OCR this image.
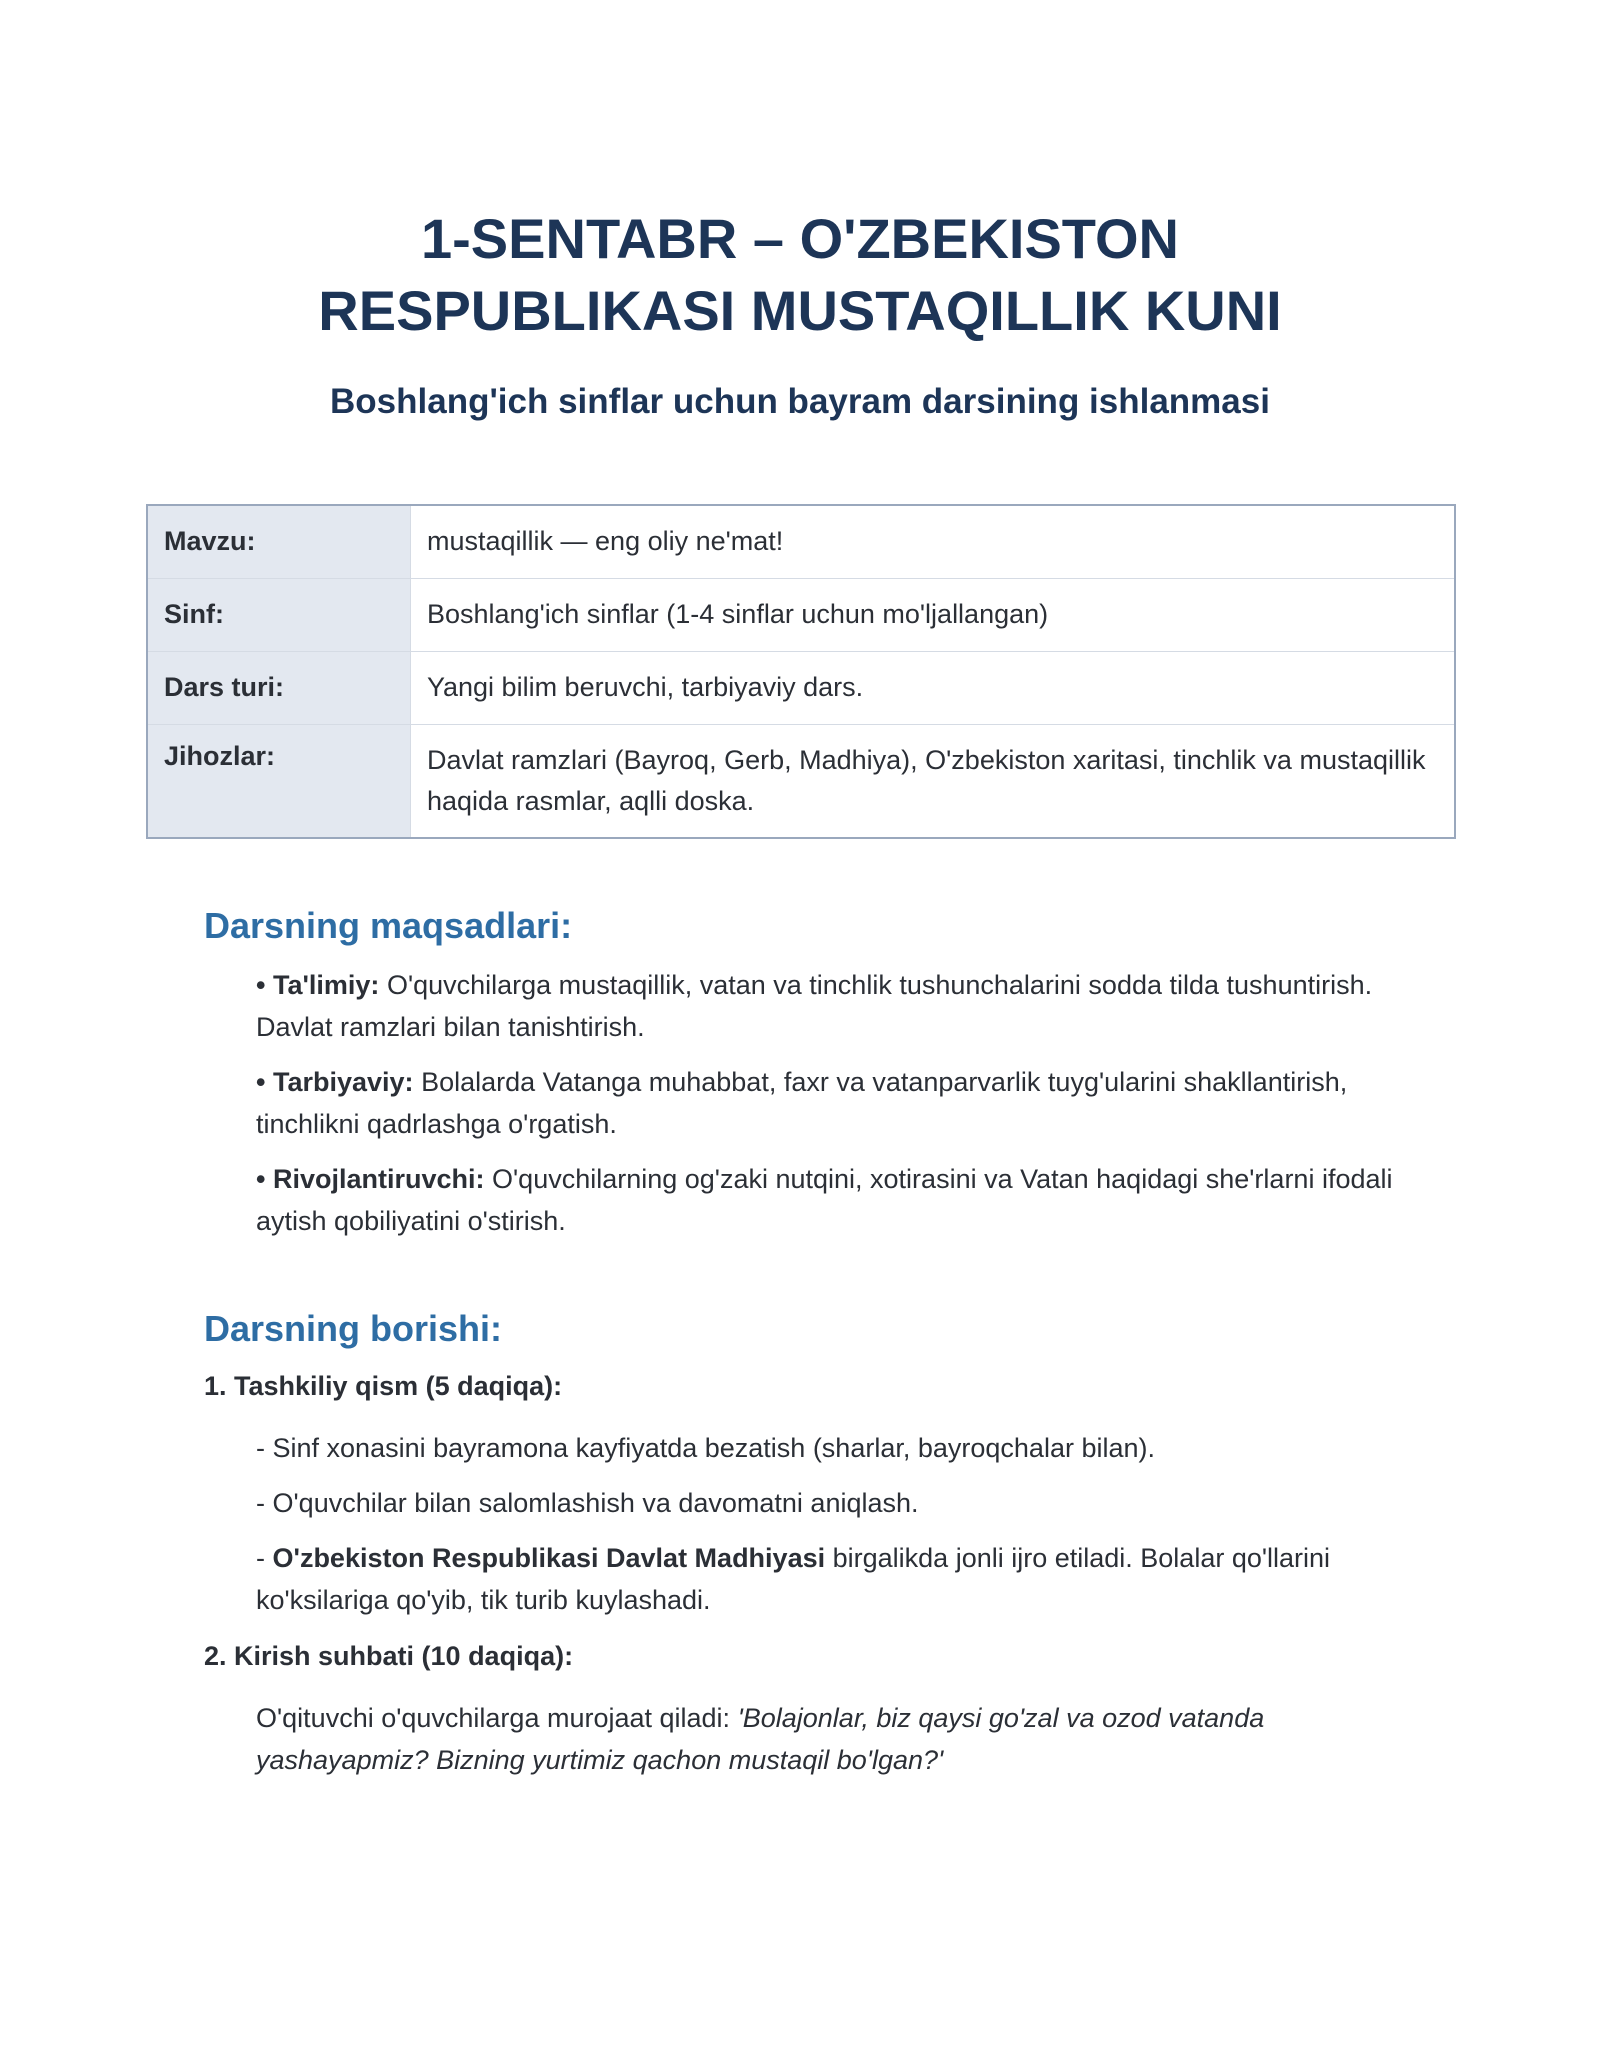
1-SENTABR – O'ZBEKISTON
RESPUBLIKASI MUSTAQILLIK KUNI
Boshlang'ich sinflar uchun bayram darsining ishlanmasi
Mavzu:	mustaqillik — eng oliy ne'mat!
Sinf:	Boshlang'ich sinflar (1-4 sinflar uchun mo'ljallangan)
Dars turi:	Yangi bilim beruvchi, tarbiyaviy dars.
Jihozlar:	Davlat ramzlari (Bayroq, Gerb, Madhiya), O'zbekiston xaritasi, tinchlik va mustaqillik haqida rasmlar, aqlli doska.
Darsning maqsadlari:

• Ta'limiy: O'quvchilarga mustaqillik, vatan va tinchlik tushunchalarini sodda tilda tushuntirish. Davlat ramzlari bilan tanishtirish.

• Tarbiyaviy: Bolalarda Vatanga muhabbat, faxr va vatanparvarlik tuyg'ularini shakllantirish, tinchlikni qadrlashga o'rgatish.

• Rivojlantiruvchi: O'quvchilarning og'zaki nutqini, xotirasini va Vatan haqidagi she'rlarni ifodali aytish qobiliyatini o'stirish.

Darsning borishi:

1. Tashkiliy qism (5 daqiqa):

- Sinf xonasini bayramona kayfiyatda bezatish (sharlar, bayroqchalar bilan).

- O'quvchilar bilan salomlashish va davomatni aniqlash.

- O'zbekiston Respublikasi Davlat Madhiyasi birgalikda jonli ijro etiladi. Bolalar qo'llarini ko'ksilariga qo'yib, tik turib kuylashadi.

2. Kirish suhbati (10 daqiqa):

O'qituvchi o'quvchilarga murojaat qiladi: 'Bolajonlar, biz qaysi go'zal va ozod vatanda yashayapmiz? Bizning yurtimiz qachon mustaqil bo'lgan?'
